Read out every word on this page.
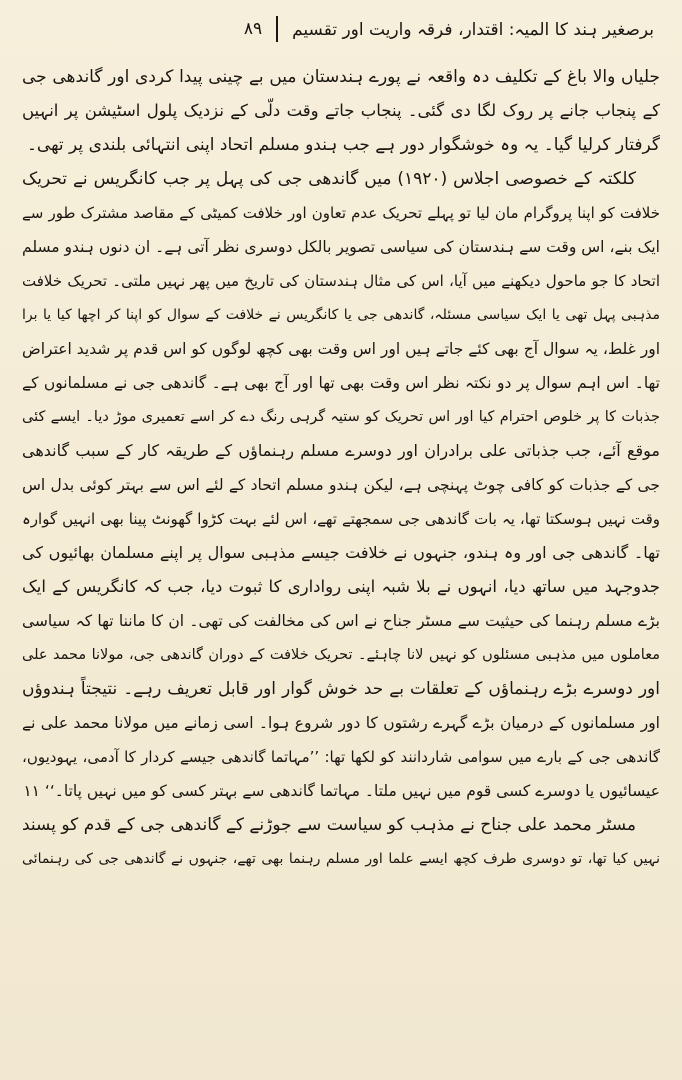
برصغیر ہند کا المیہ: اقتدار، فرقہ واریت اور تقسیم
۸۹
جلیاں والا باغ کے تکلیف دہ واقعہ نے پورے ہندستان میں بے چینی پیدا کردی اور گاندھی جی
کے پنجاب جانے پر روک لگا دی گئی۔ پنجاب جاتے وقت دلّی کے نزدیک پلول اسٹیشن پر انہیں
گرفتار کرلیا گیا۔ یہ وہ خوشگوار دور ہے جب ہندو مسلم اتحاد اپنی انتہائی بلندی پر تھی۔
کلکتہ کے خصوصی اجلاس (۱۹۲۰) میں گاندھی جی کی پہل پر جب کانگریس نے تحریک
خلافت کو اپنا پروگرام مان لیا تو پہلے تحریک عدم تعاون اور خلافت کمیٹی کے مقاصد مشترک طور سے
ایک بنے، اس وقت سے ہندستان کی سیاسی تصویر بالکل دوسری نظر آتی ہے۔ ان دنوں ہندو مسلم
اتحاد کا جو ماحول دیکھنے میں آیا، اس کی مثال ہندستان کی تاریخ میں پھر نہیں ملتی۔ تحریک خلافت
مذہبی پہل تھی یا ایک سیاسی مسئلہ، گاندھی جی یا کانگریس نے خلافت کے سوال کو اپنا کر اچھا کیا یا برا
اور غلط، یہ سوال آج بھی کئے جاتے ہیں اور اس وقت بھی کچھ لوگوں کو اس قدم پر شدید اعتراض
تھا۔ اس اہم سوال پر دو نکتہ نظر اس وقت بھی تھا اور آج بھی ہے۔ گاندھی جی نے مسلمانوں کے
جذبات کا پر خلوص احترام کیا اور اس تحریک کو ستیہ گرہی رنگ دے کر اسے تعمیری موڑ دیا۔ ایسے کئی
موقع آئے، جب جذباتی علی برادران اور دوسرے مسلم رہنماؤں کے طریقہ کار کے سبب گاندھی
جی کے جذبات کو کافی چوٹ پہنچی ہے، لیکن ہندو مسلم اتحاد کے لئے اس سے بہتر کوئی بدل اس
وقت نہیں ہوسکتا تھا، یہ بات گاندھی جی سمجھتے تھے، اس لئے بہت کڑوا گھونٹ پینا بھی انہیں گوارہ
تھا۔ گاندھی جی اور وہ ہندو، جنہوں نے خلافت جیسے مذہبی سوال پر اپنے مسلمان بھائیوں کی
جدوجہد میں ساتھ دیا، انہوں نے بلا شبہ اپنی رواداری کا ثبوت دیا، جب کہ کانگریس کے ایک
بڑے مسلم رہنما کی حیثیت سے مسٹر جناح نے اس کی مخالفت کی تھی۔ ان کا ماننا تھا کہ سیاسی
معاملوں میں مذہبی مسئلوں کو نہیں لانا چاہئے۔ تحریک خلافت کے دوران گاندھی جی، مولانا محمد علی
اور دوسرے بڑے رہنماؤں کے تعلقات بے حد خوش گوار اور قابل تعریف رہے۔ نتیجتاً ہندوؤں
اور مسلمانوں کے درمیان بڑے گہرے رشتوں کا دور شروع ہوا۔ اسی زمانے میں مولانا محمد علی نے
گاندھی جی کے بارے میں سوامی شاردانند کو لکھا تھا: ’’مہاتما گاندھی جیسے کردار کا آدمی، یہودیوں،
عیسائیوں یا دوسرے کسی قوم میں نہیں ملتا۔ مہاتما گاندھی سے بہتر کسی کو میں نہیں پاتا۔‘‘ ۱۱
مسٹر محمد علی جناح نے مذہب کو سیاست سے جوڑنے کے گاندھی جی کے قدم کو پسند
نہیں کیا تھا، تو دوسری طرف کچھ ایسے علما اور مسلم رہنما بھی تھے، جنہوں نے گاندھی جی کی رہنمائی
